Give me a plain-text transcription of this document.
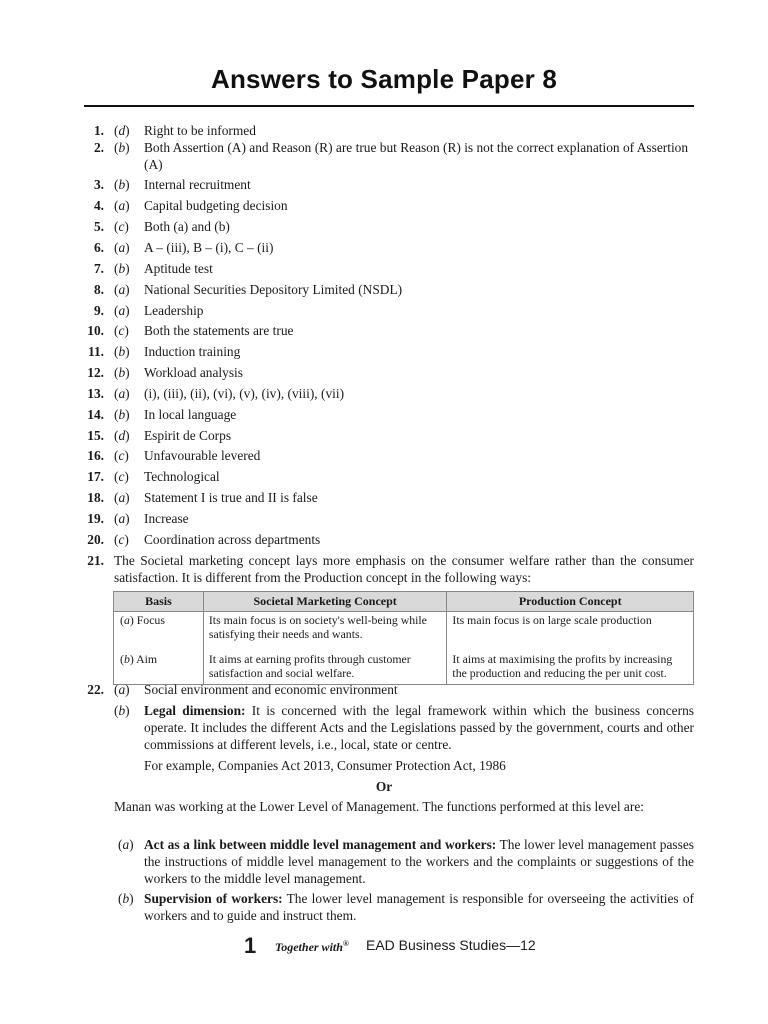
Answers to Sample Paper 8
1. (d) Right to be informed
2. (b) Both Assertion (A) and Reason (R) are true but Reason (R) is not the correct explanation of Assertion (A)
3. (b) Internal recruitment
4. (a) Capital budgeting decision
5. (c) Both (a) and (b)
6. (a) A – (iii), B – (i), C – (ii)
7. (b) Aptitude test
8. (a) National Securities Depository Limited (NSDL)
9. (a) Leadership
10. (c) Both the statements are true
11. (b) Induction training
12. (b) Workload analysis
13. (a) (i), (iii), (ii), (vi), (v), (iv), (viii), (vii)
14. (b) In local language
15. (d) Espirit de Corps
16. (c) Unfavourable levered
17. (c) Technological
18. (a) Statement I is true and II is false
19. (a) Increase
20. (c) Coordination across departments
21. The Societal marketing concept lays more emphasis on the consumer welfare rather than the consumer satisfaction. It is different from the Production concept in the following ways:
Basis	Societal Marketing Concept	Production Concept
(a) Focus	Its main focus is on society's well-being while satisfying their needs and wants.	Its main focus is on large scale production
(b) Aim	It aims at earning profits through customer satisfaction and social welfare.	It aims at maximising the profits by increasing the production and reducing the per unit cost.
22. (a) Social environment and economic environment
(b) Legal dimension: It is concerned with the legal framework within which the business concerns operate. It includes the different Acts and the Legislations passed by the government, courts and other commissions at different levels, i.e., local, state or centre.
For example, Companies Act 2013, Consumer Protection Act, 1986
Or
Manan was working at the Lower Level of Management. The functions performed at this level are:
(a) Act as a link between middle level management and workers: The lower level management passes the instructions of middle level management to the workers and the complaints or suggestions of the workers to the middle level management.
(b) Supervision of workers: The lower level management is responsible for overseeing the activities of workers and to guide and instruct them.
1 Together with® EAD Business Studies—12
